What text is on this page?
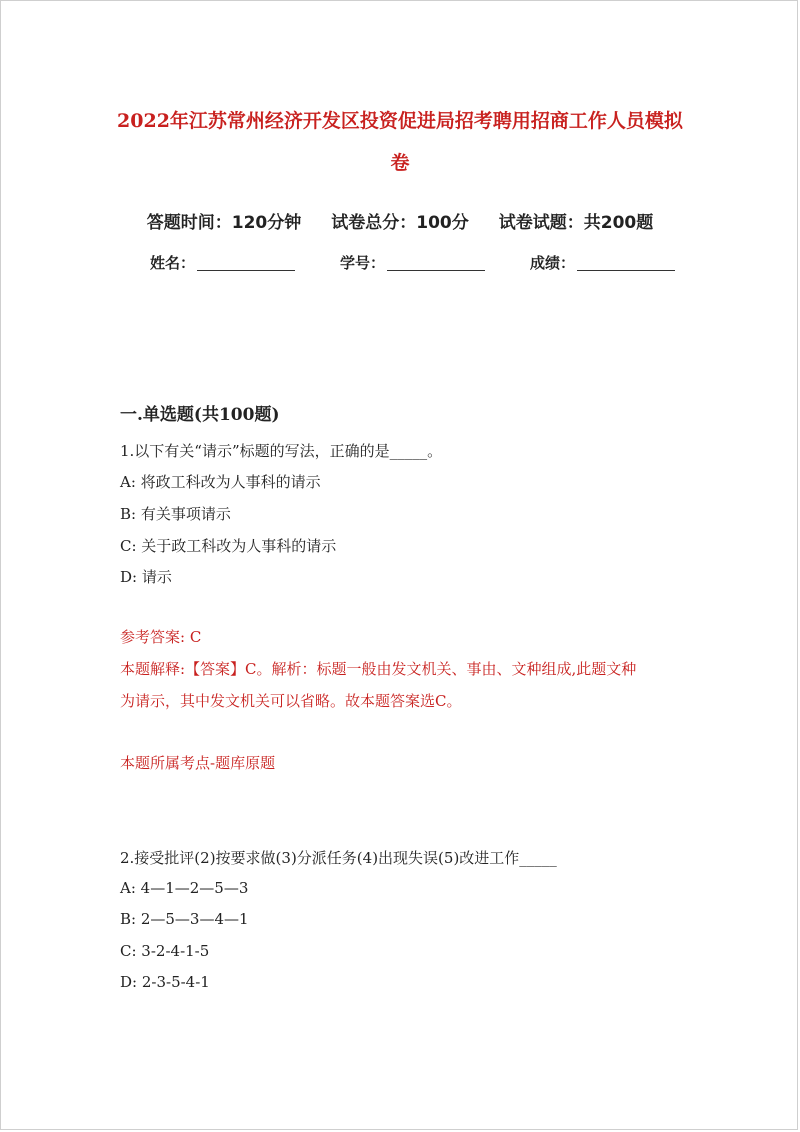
2022年江苏常州经济开发区投资促进局招考聘用招商工作人员模拟
卷
答题时间：120分钟 试卷总分：100分 试卷试题：共200题
姓名：	学号：	成绩：
一.单选题(共100题)
1.以下有关“请示”标题的写法，正确的是_____。
A: 将政工科改为人事科的请示
B: 有关事项请示
C: 关于政工科改为人事科的请示
D: 请示
参考答案: C
本题解释:【答案】C。解析：标题一般由发文机关、事由、文种组成,此题文种
为请示，其中发文机关可以省略。故本题答案选C。
本题所属考点-题库原题
2.接受批评(2)按要求做(3)分派任务(4)出现失误(5)改进工作_____
A: 4—1—2—5—3
B: 2—5—3—4—1
C: 3-2-4-1-5
D: 2-3-5-4-1
